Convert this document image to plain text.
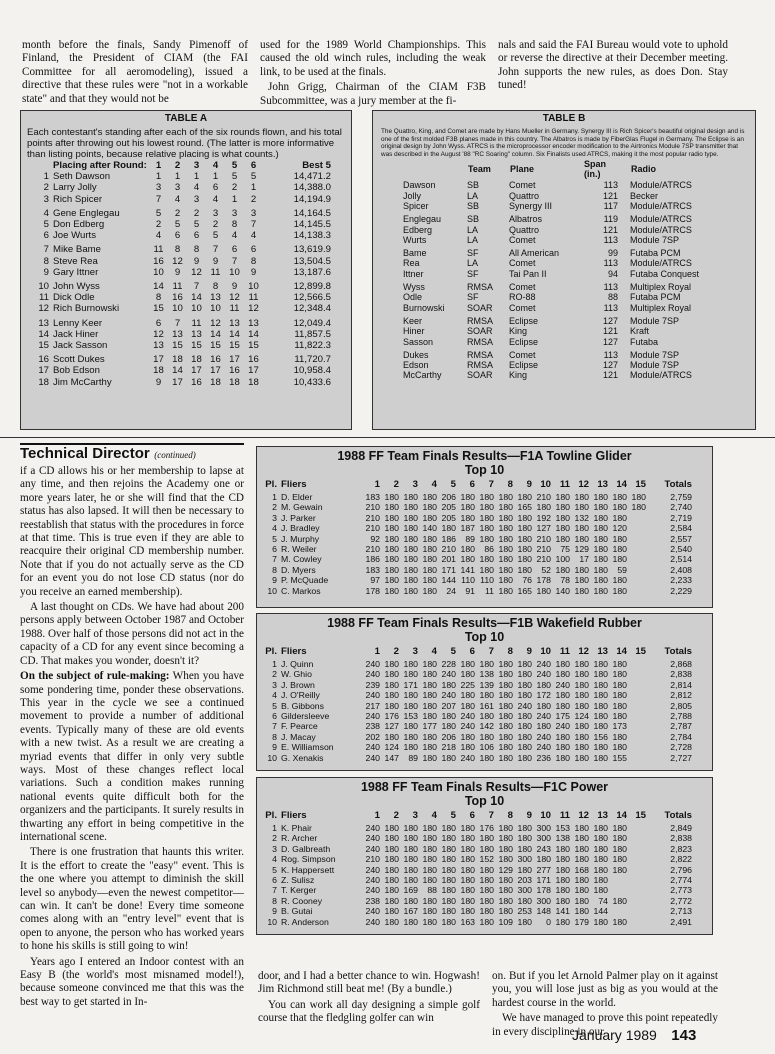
month before the finals, Sandy Pimenoff of Finland, the President of CIAM (the FAI Committee for all aeromodeling), issued a directive that these rules were "not in a workable state" and that they would not be

used for the 1989 World Championships. This caused the old winch rules, including the weak link, to be used at the finals.

John Grigg, Chairman of the CIAM F3B Subcommittee, was a jury member at the fi-

nals and said the FAI Bureau would vote to uphold or reverse the directive at their December meeting. John supports the new rules, as does Don. Stay tuned!

TABLE A
Each contestant's standing after each of the six rounds flown, and his total points after throwing out his lowest round. (The latter is more informative than listing points, because relative placing is what counts.)
	Placing after Round:	1	2	3	4	5	6	Best 5
1	Seth Dawson	1	1	1	1	5	5	14,471.2
2	Larry Jolly	3	3	4	6	2	1	14,388.0
3	Rich Spicer	7	4	3	4	1	2	14,194.9
4	Gene Englegau	5	2	2	3	3	3	14,164.5
5	Don Edberg	2	5	5	2	8	7	14,145.5
6	Joe Wurts	4	6	6	5	4	4	14,138.3
7	Mike Bame	11	8	8	7	6	6	13,619.9
8	Steve Rea	16	12	9	9	7	8	13,504.5
9	Gary Ittner	10	9	12	11	10	9	13,187.6
10	John Wyss	14	11	7	8	9	10	12,899.8
11	Dick Odle	8	16	14	13	12	11	12,566.5
12	Rich Burnowski	15	10	10	10	11	12	12,348.4
13	Lenny Keer	6	7	11	12	13	13	12,049.4
14	Jack Hiner	12	13	13	14	14	14	11,857.5
15	Jack Sasson	13	15	15	15	15	15	11,822.3
16	Scott Dukes	17	18	18	16	17	16	11,720.7
17	Bob Edson	18	14	17	17	16	17	10,958.4
18	Jim McCarthy	9	17	16	18	18	18	10,433.6
TABLE B
The Quattro, King, and Comet are made by Hans Mueller in Germany. Synergy III is Rich Spicer's beautiful original design and is one of the first molded F3B planes made in this country. The Albatros is made by FiberGlas Flugel in Germany. The Eclipse is an original design by John Wyss. ATRCS is the microprocessor encoder modification to the Airtronics Module 7SP transmitter that was described in the August '88 "RC Soaring" column. Six Finalists used ATRCS, making it the most popular radio type.
	Team	Plane	Span (in.)	Radio
Dawson	SB	Comet	113	Module/ATRCS
Jolly	LA	Quattro	121	Becker
Spicer	SB	Synergy III	117	Module/ATRCS
Englegau	SB	Albatros	119	Module/ATRCS
Edberg	LA	Quattro	121	Module/ATRCS
Wurts	LA	Comet	113	Module 7SP
Bame	SF	All American	99	Futaba PCM
Rea	LA	Comet	113	Module/ATRCS
Ittner	SF	Tai Pan II	94	Futaba Conquest
Wyss	RMSA	Comet	113	Multiplex Royal
Odle	SF	RO-88	88	Futaba PCM
Burnowski	SOAR	Comet	113	Multiplex Royal
Keer	RMSA	Eclipse	127	Module 7SP
Hiner	SOAR	King	121	Kraft
Sasson	RMSA	Eclipse	127	Futaba
Dukes	RMSA	Comet	113	Module 7SP
Edson	RMSA	Eclipse	127	Module 7SP
McCarthy	SOAR	King	121	Module/ATRCS
Technical Director (continued)

if a CD allows his or her membership to lapse at any time, and then rejoins the Academy one or more years later, he or she will find that the CD status has also lapsed. It will then be necessary to reestablish that status with the procedures in force at that time. This is true even if they are able to reacquire their original CD membership number. Note that if you do not actually serve as the CD for an event you do not lose CD status (nor do you receive an earned membership).

A last thought on CDs. We have had about 200 persons apply between October 1987 and October 1988. Over half of those persons did not act in the capacity of a CD for any event since becoming a CD. That makes you wonder, doesn't it?

On the subject of rule-making: When you have some pondering time, ponder these observations. This year in the cycle we see a continued movement to provide a number of additional events. Typically many of these are old events with a new twist. As a result we are creating a myriad events that differ in only very subtle ways. Most of these changes reflect local variations. Such a condition makes running national events quite difficult both for the organizers and the participants. It surely results in thwarting any effort in being competitive in the international scene.

There is one frustration that haunts this writer. It is the effort to create the "easy" event. This is the one where you attempt to diminish the skill level so anybody—even the newest competitor—can win. It can't be done! Every time someone comes along with an "entry level" event that is open to anyone, the person who has worked years to hone his skills is still going to win!

Years ago I entered an Indoor contest with an Easy B (the world's most misnamed model!), because someone convinced me that this was the best way to get started in In-

door, and I had a better chance to win. Hogwash! Jim Richmond still beat me! (By a bundle.)

You can work all day designing a simple golf course that the fledgling golfer can win

on. But if you let Arnold Palmer play on it against you, you will lose just as big as you would at the hardest course in the world.

We have managed to prove this point repeatedly in every discipline in our

1988 FF Team Finals Results—F1A Towline Glider
Top 10
Pl.	Fliers	1	2	3	4	5	6	7	8	9	10	11	12	13	14	15	Totals
1	D. Elder	183	180	180	180	206	180	180	180	180	210	180	180	180	180	180	2,759
2	M. Gewain	210	180	180	180	205	180	180	180	165	180	180	180	180	180	180	2,740
3	J. Parker	210	180	180	180	205	180	180	180	180	192	180	132	180	180		2,719
4	J. Bradley	210	180	180	140	180	187	180	180	180	127	180	180	180	120		2,584
5	J. Murphy	92	180	180	180	186	89	180	180	180	210	180	180	180	180		2,557
6	R. Weiler	210	180	180	180	210	180	86	180	180	210	75	129	180	180		2,540
7	M. Cowley	186	180	180	180	201	180	180	180	180	210	100	17	180	180		2,514
8	D. Myers	183	180	180	180	171	141	180	180	180	52	180	180	180	59		2,408
9	P. McQuade	97	180	180	180	144	110	110	180	76	178	78	180	180	180		2,233
10	C. Markos	178	180	180	180	24	91	11	180	165	180	140	180	180	180		2,229
1988 FF Team Finals Results—F1B Wakefield Rubber
Top 10
Pl.	Fliers	1	2	3	4	5	6	7	8	9	10	11	12	13	14	15	Totals
1	J. Quinn	240	180	180	180	228	180	180	180	180	240	180	180	180	180		2,868
2	W. Ghio	240	180	180	180	240	180	138	180	180	240	180	180	180	180		2,838
3	J. Brown	239	180	171	180	180	225	139	180	180	180	240	180	180	180		2,814
4	J. O'Reilly	240	180	180	180	240	180	180	180	180	172	180	180	180	180		2,812
5	B. Gibbons	217	180	180	180	207	180	161	180	240	180	180	180	180	180		2,805
6	Gildersleeve	240	176	153	180	180	240	180	180	180	240	175	124	180	180		2,788
7	F. Pearce	238	127	180	177	180	240	142	180	180	180	240	180	180	173		2,787
8	J. Macay	202	180	180	180	206	180	180	180	180	240	180	180	156	180		2,784
9	E. Williamson	240	124	180	180	218	180	106	180	180	240	180	180	180	180		2,728
10	G. Xenakis	240	147	89	180	180	240	180	180	180	236	180	180	180	155		2,727
1988 FF Team Finals Results—F1C Power
Top 10
Pl.	Fliers	1	2	3	4	5	6	7	8	9	10	11	12	13	14	15	Totals
1	K. Phair	240	180	180	180	180	180	176	180	180	300	153	180	180	180		2,849
2	R. Archer	240	180	180	180	180	180	180	180	180	300	138	180	180	180		2,838
3	D. Galbreath	240	180	180	180	180	180	180	180	180	243	180	180	180	180		2,823
4	Rog. Simpson	210	180	180	180	180	180	152	180	300	180	180	180	180	180		2,822
5	K. Happersett	240	180	180	180	180	180	180	129	180	277	180	168	180	180		2,796
6	Z. Sulisz	240	180	180	180	180	180	180	180	203	171	180	180	180			2,774
7	T. Kerger	240	180	169	88	180	180	180	180	300	178	180	180	180			2,773
8	R. Cooney	238	180	180	180	180	180	180	180	180	300	180	180	74	180		2,772
9	B. Gutai	240	180	167	180	180	180	180	180	253	148	141	180	144			2,713
10	R. Anderson	240	180	180	180	180	163	180	109	180	0	180	179	180	180		2,491
January 1989 143
